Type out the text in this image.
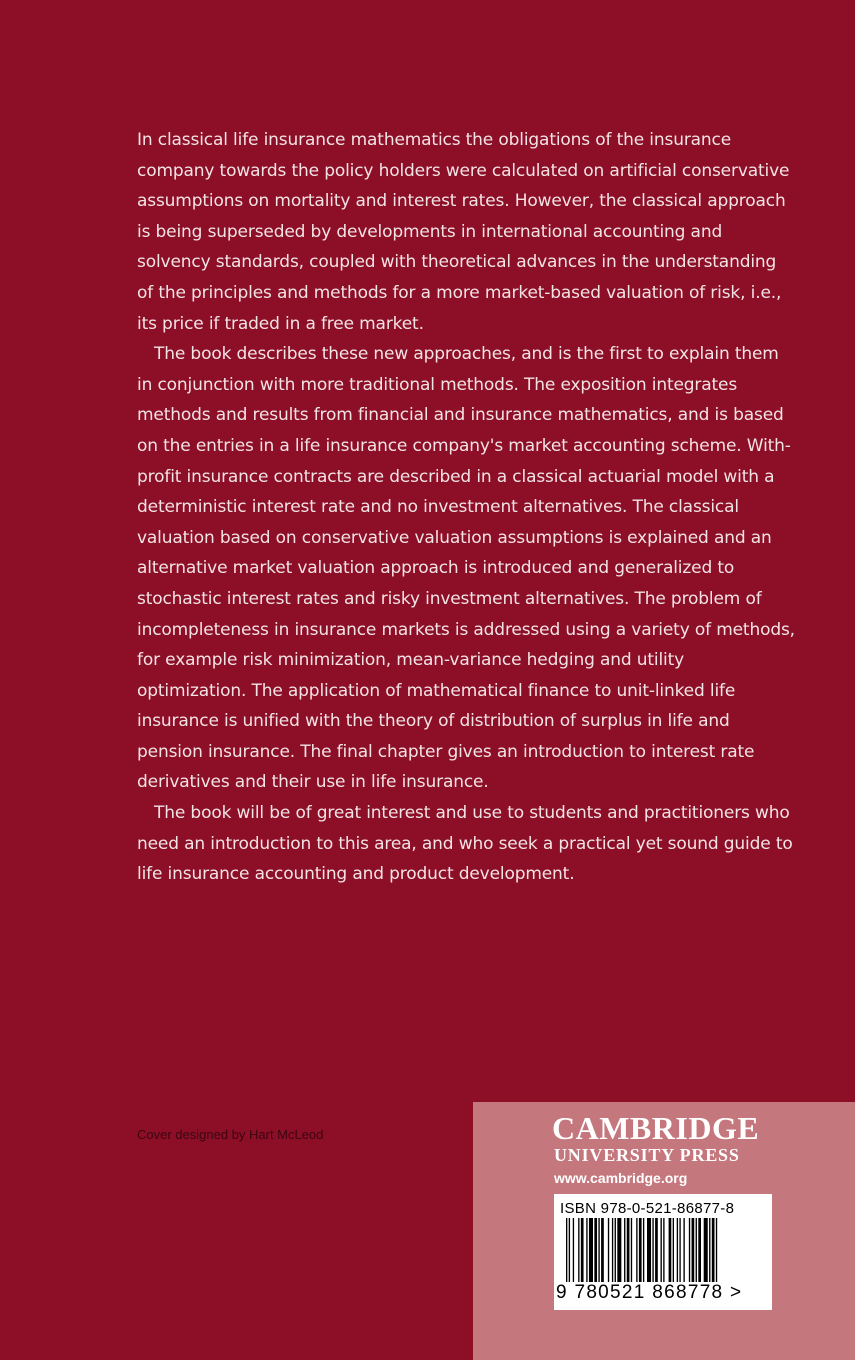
In classical life insurance mathematics the obligations of the insurance company towards the policy holders were calculated on artificial conservative assumptions on mortality and interest rates. However, the classical approach is being superseded by developments in international accounting and solvency standards, coupled with theoretical advances in the understanding of the principles and methods for a more market-based valuation of risk, i.e., its price if traded in a free market.

The book describes these new approaches, and is the first to explain them in conjunction with more traditional methods. The exposition integrates methods and results from financial and insurance mathematics, and is based on the entries in a life insurance company's market accounting scheme. With-profit insurance contracts are described in a classical actuarial model with a deterministic interest rate and no investment alternatives. The classical valuation based on conservative valuation assumptions is explained and an alternative market valuation approach is introduced and generalized to stochastic interest rates and risky investment alternatives. The problem of incompleteness in insurance markets is addressed using a variety of methods, for example risk minimization, mean-variance hedging and utility optimization. The application of mathematical finance to unit-linked life insurance is unified with the theory of distribution of surplus in life and pension insurance. The final chapter gives an introduction to interest rate derivatives and their use in life insurance.

The book will be of great interest and use to students and practitioners who need an introduction to this area, and who seek a practical yet sound guide to life insurance accounting and product development.

Cover designed by Hart McLeod	CAMBRIDGE
UNIVERSITY PRESS
www.cambridge.org
ISBN 978-0-521-86877-8
9 780521 868778 >
